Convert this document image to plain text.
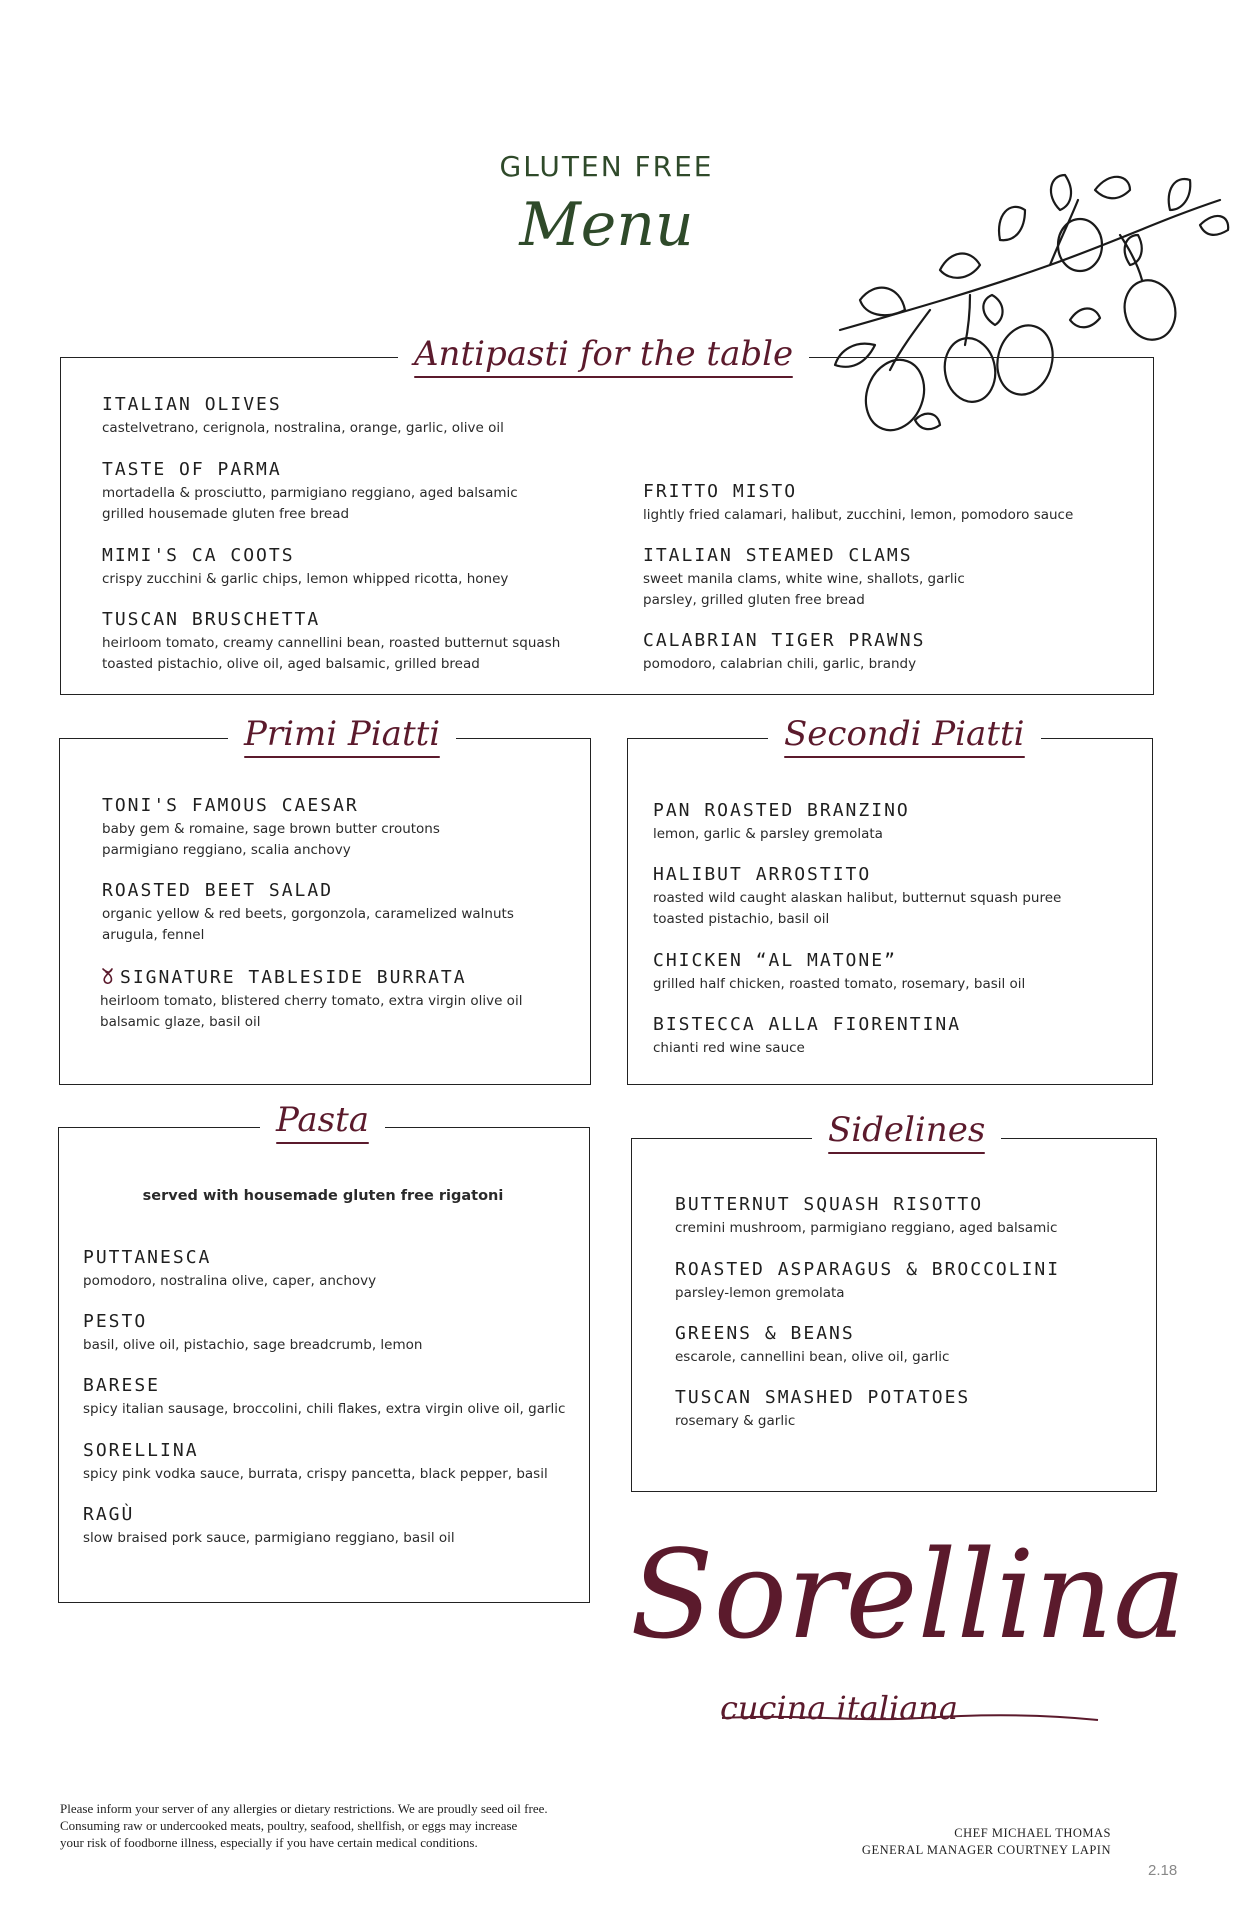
GLUTEN FREE
Menu
Antipasti for the table
ITALIAN OLIVES
castelvetrano, cerignola, nostralina, orange, garlic, olive oil
TASTE OF PARMA
mortadella & prosciutto, parmigiano reggiano, aged balsamic
grilled housemade gluten free bread
MIMI'S CA COOTS
crispy zucchini & garlic chips, lemon whipped ricotta, honey
TUSCAN BRUSCHETTA
heirloom tomato, creamy cannellini bean, roasted butternut squash
toasted pistachio, olive oil, aged balsamic, grilled bread
FRITTO MISTO
lightly fried calamari, halibut, zucchini, lemon, pomodoro sauce
ITALIAN STEAMED CLAMS
sweet manila clams, white wine, shallots, garlic
parsley, grilled gluten free bread
CALABRIAN TIGER PRAWNS
pomodoro, calabrian chili, garlic, brandy
Primi Piatti
TONI'S FAMOUS CAESAR
baby gem & romaine, sage brown butter croutons
parmigiano reggiano, scalia anchovy
ROASTED BEET SALAD
organic yellow & red beets, gorgonzola, caramelized walnuts
arugula, fennel
SIGNATURE TABLESIDE BURRATA
heirloom tomato, blistered cherry tomato, extra virgin olive oil
balsamic glaze, basil oil
Secondi Piatti
PAN ROASTED BRANZINO
lemon, garlic & parsley gremolata
HALIBUT ARROSTITO
roasted wild caught alaskan halibut, butternut squash puree
toasted pistachio, basil oil
CHICKEN “AL MATONE”
grilled half chicken, roasted tomato, rosemary, basil oil
BISTECCA ALLA FIORENTINA
chianti red wine sauce
Pasta
served with housemade gluten free rigatoni
PUTTANESCA
pomodoro, nostralina olive, caper, anchovy
PESTO
basil, olive oil, pistachio, sage breadcrumb, lemon
BARESE
spicy italian sausage, broccolini, chili flakes, extra virgin olive oil, garlic
SORELLINA
spicy pink vodka sauce, burrata, crispy pancetta, black pepper, basil
RAGÙ
slow braised pork sauce, parmigiano reggiano, basil oil
Sidelines
BUTTERNUT SQUASH RISOTTO
cremini mushroom, parmigiano reggiano, aged balsamic
ROASTED ASPARAGUS & BROCCOLINI
parsley-lemon gremolata
GREENS & BEANS
escarole, cannellini bean, olive oil, garlic
TUSCAN SMASHED POTATOES
rosemary & garlic
Sorellina
cucina italiana
Please inform your server of any allergies or dietary restrictions. We are proudly seed oil free.
Consuming raw or undercooked meats, poultry, seafood, shellfish, or eggs may increase
your risk of foodborne illness, especially if you have certain medical conditions.
CHEF MICHAEL THOMAS
GENERAL MANAGER COURTNEY LAPIN
2.18
